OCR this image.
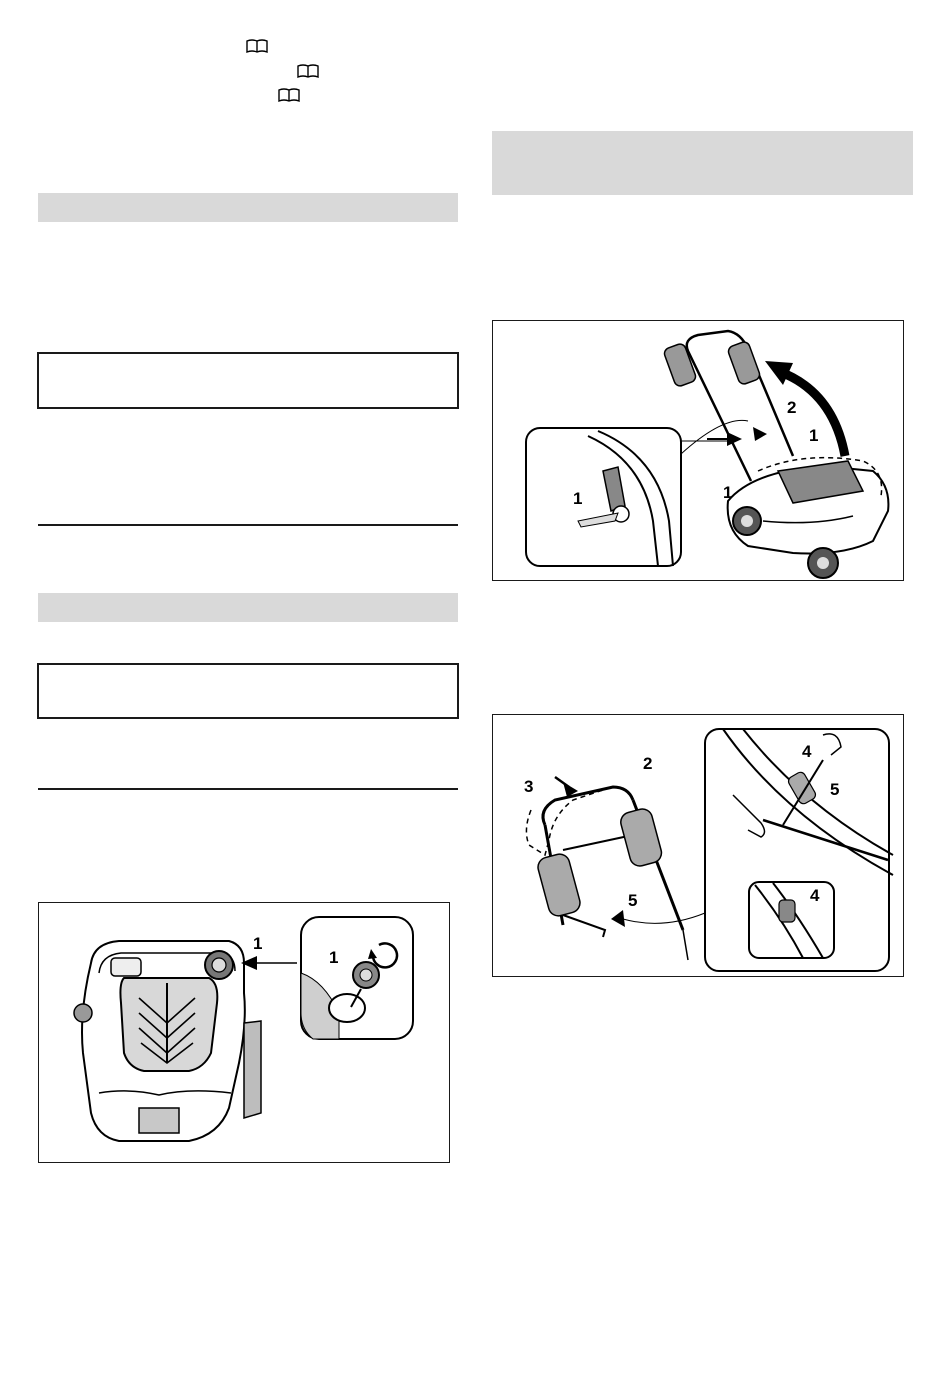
1
1
1
2
1
1
2
3
5
4
5
4
